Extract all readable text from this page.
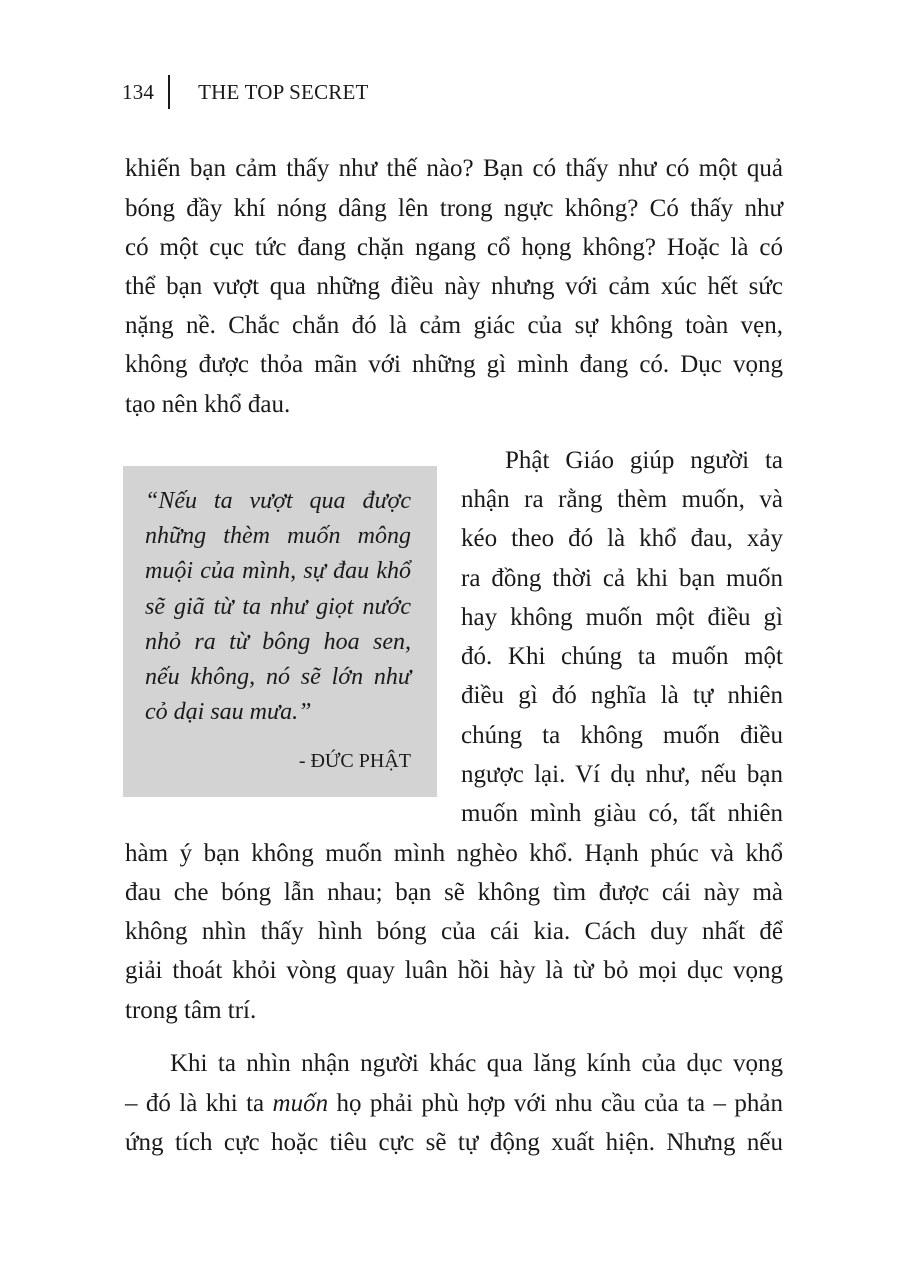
134 THE TOP SECRET
khiến bạn cảm thấy như thế nào? Bạn có thấy như có một quả
bóng đầy khí nóng dâng lên trong ngực không? Có thấy như
có một cục tức đang chặn ngang cổ họng không? Hoặc là có
thể bạn vượt qua những điều này nhưng với cảm xúc hết sức
nặng nề. Chắc chắn đó là cảm giác của sự không toàn vẹn,
không được thỏa mãn với những gì mình đang có. Dục vọng
tạo nên khổ đau.
“Nếu ta vượt qua được
những thèm muốn mông
muội của mình, sự đau khổ
sẽ giã từ ta như giọt nước
nhỏ ra từ bông hoa sen,
nếu không, nó sẽ lớn như
cỏ dại sau mưa.”
- ĐỨC PHẬT
Phật Giáo giúp người ta
nhận ra rằng thèm muốn, và
kéo theo đó là khổ đau, xảy
ra đồng thời cả khi bạn muốn
hay không muốn một điều gì
đó. Khi chúng ta muốn một
điều gì đó nghĩa là tự nhiên
chúng ta không muốn điều
ngược lại. Ví dụ như, nếu bạn
muốn mình giàu có, tất nhiên
hàm ý bạn không muốn mình nghèo khổ. Hạnh phúc và khổ
đau che bóng lẫn nhau; bạn sẽ không tìm được cái này mà
không nhìn thấy hình bóng của cái kia. Cách duy nhất để
giải thoát khỏi vòng quay luân hồi hày là từ bỏ mọi dục vọng
trong tâm trí.
Khi ta nhìn nhận người khác qua lăng kính của dục vọng
– đó là khi ta muốn họ phải phù hợp với nhu cầu của ta – phản
ứng tích cực hoặc tiêu cực sẽ tự động xuất hiện. Nhưng nếu
